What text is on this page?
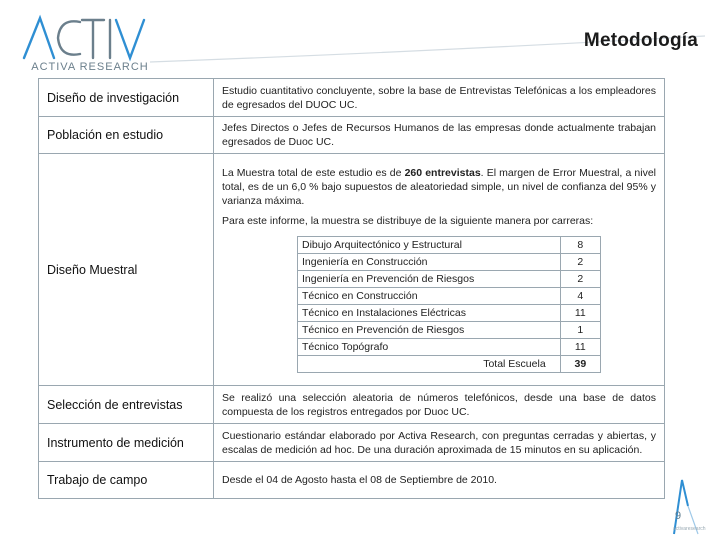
ACTIVA RESEARCH
Metodología
Diseño de investigación	Estudio cuantitativo concluyente, sobre la base de Entrevistas Telefónicas a los empleadores de egresados del DUOC UC.
Población en estudio	Jefes Directos o Jefes de Recursos Humanos de las empresas donde actualmente trabajan egresados de Duoc UC.
Diseño Muestral	

La Muestra total de este estudio es de 260 entrevistas. El margen de Error Muestral, a nivel total, es de un 6,0 % bajo supuestos de aleatoriedad simple, un nivel de confianza del 95% y varianza máxima.

Para este informe, la muestra se distribuye de la siguiente manera por carreras:

Dibujo Arquitectónico y Estructural	8
Ingeniería en Construcción	2
Ingeniería en Prevención de Riesgos	2
Técnico en Construcción	4
Técnico en Instalaciones Eléctricas	11
Técnico en Prevención de Riesgos	1
Técnico Topógrafo	11
Total Escuela	39

Selección de entrevistas	Se realizó una selección aleatoria de números telefónicos, desde una base de datos compuesta de los registros entregados por Duoc UC.
Instrumento de medición	Cuestionario estándar elaborado por Activa Research, con preguntas cerradas y abiertas, y escalas de medición ad hoc. De una duración aproximada de 15 minutos en su aplicación.
Trabajo de campo	Desde el 04 de Agosto hasta el 08 de Septiembre de 2010.
9
activaresearch
